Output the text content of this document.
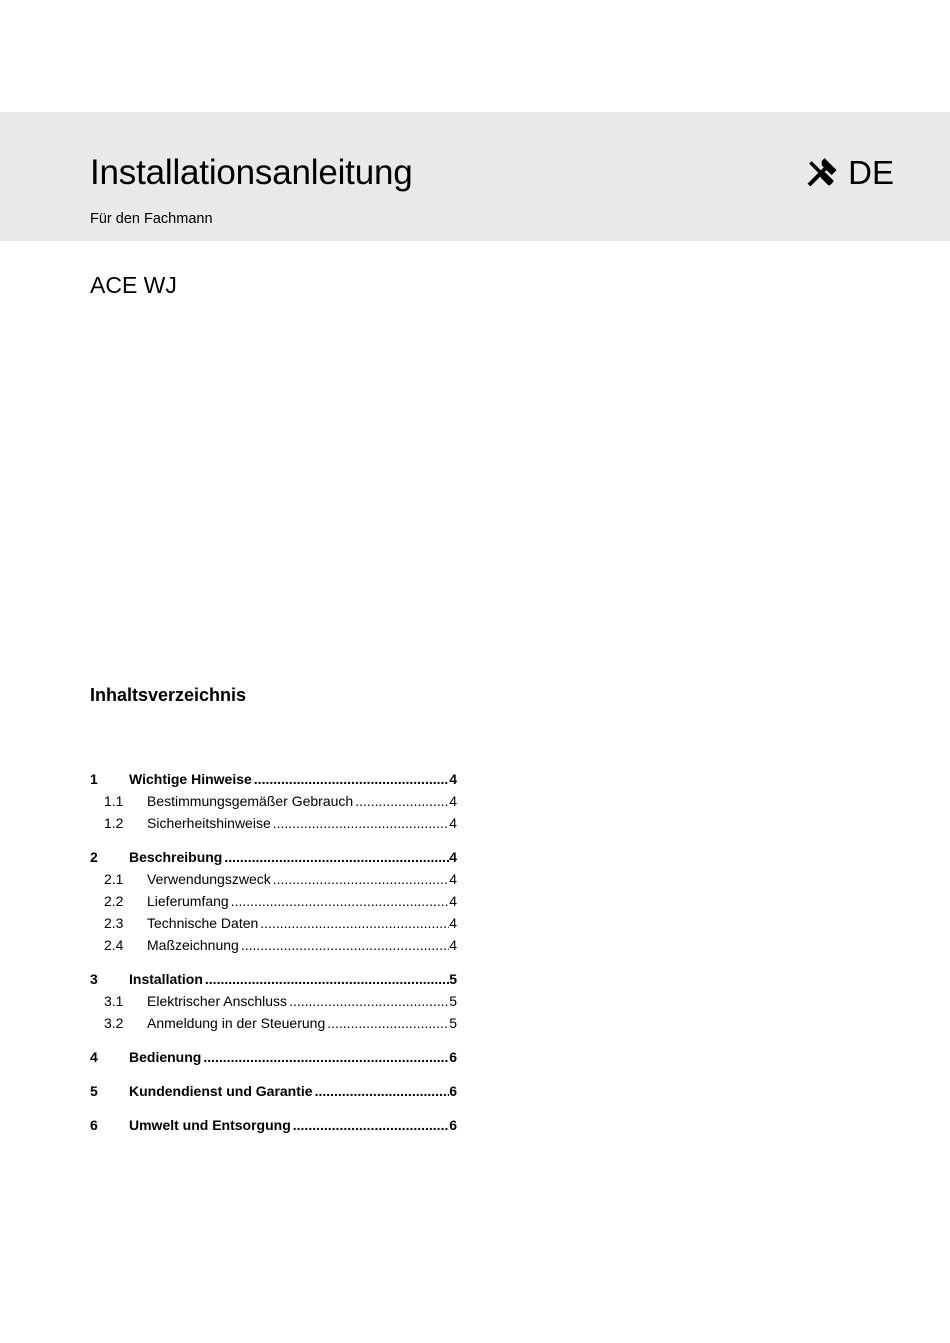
Installationsanleitung
Für den Fachmann
DE
ACE WJ
Inhaltsverzeichnis
1	Wichtige Hinweise .....	4
1.1	Bestimmungsgemäßer Gebrauch .....	4
1.2	Sicherheitshinweise .....	4
2	Beschreibung .....	4
2.1	Verwendungszweck .....	4
2.2	Lieferumfang .....	4
2.3	Technische Daten .....	4
2.4	Maßzeichnung .....	4
3	Installation .....	5
3.1	Elektrischer Anschluss .....	5
3.2	Anmeldung in der Steuerung .....	5
4	Bedienung .....	6
5	Kundendienst und Garantie .....	6
6	Umwelt und Entsorgung .....	6
